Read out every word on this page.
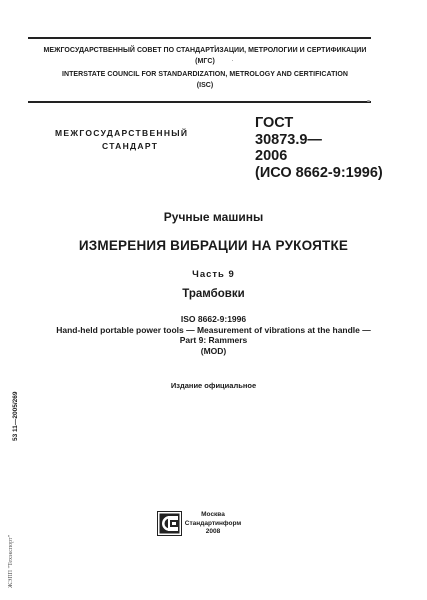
МЕЖГОСУДАРСТВЕННЫЙ СОВЕТ ПО СТАНДАРТИЗАЦИИ, МЕТРОЛОГИИ И СЕРТИФИКАЦИИ
(МГС)
INTERSTATE COUNCIL FOR STANDARDIZATION, METROLOGY AND CERTIFICATION
(ISC)
МЕЖГОСУДАРСТВЕННЫЙ
СТАНДАРТ
ГОСТ
30873.9—
2006
(ИСО 8662-9:1996)
Ручные машины
ИЗМЕРЕНИЯ ВИБРАЦИИ НА РУКОЯТКЕ
Часть 9
Трамбовки
ISO 8662-9:1996
Hand-held portable power tools — Measurement of vibrations at the handle —
Part 9: Rammers
(MOD)
Издание официальное
53 11—2005/269
ЖЭПП "Техэкспорт"
Москва
Стандартинформ
2008
